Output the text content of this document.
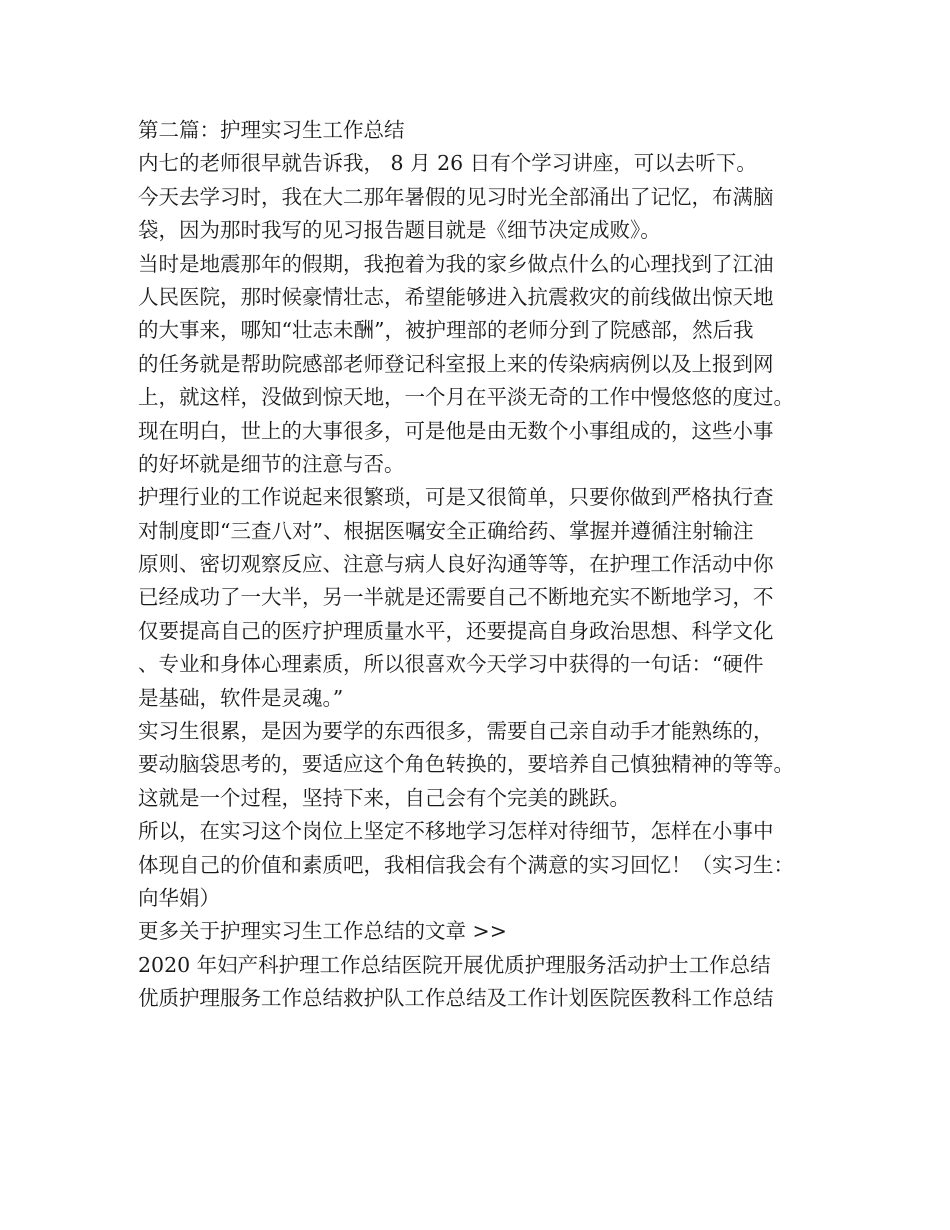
第二篇：护理实习生工作总结
内七的老师很早就告诉我， 8 月 26 日有个学习讲座，可以去听下。
今天去学习时，我在大二那年暑假的见习时光全部涌出了记忆，布满脑
袋，因为那时我写的见习报告题目就是《细节决定成败》。
当时是地震那年的假期，我抱着为我的家乡做点什么的心理找到了江油
人民医院，那时候豪情壮志，希望能够进入抗震救灾的前线做出惊天地
的大事来，哪知“壮志未酬”，被护理部的老师分到了院感部，然后我
的任务就是帮助院感部老师登记科室报上来的传染病病例以及上报到网
上，就这样，没做到惊天地，一个月在平淡无奇的工作中慢悠悠的度过。
现在明白，世上的大事很多，可是他是由无数个小事组成的，这些小事
的好坏就是细节的注意与否。
护理行业的工作说起来很繁琐，可是又很简单，只要你做到严格执行查
对制度即“三查八对”、根据医嘱安全正确给药、掌握并遵循注射输注
原则、密切观察反应、注意与病人良好沟通等等，在护理工作活动中你
已经成功了一大半，另一半就是还需要自己不断地充实不断地学习，不
仅要提高自己的医疗护理质量水平，还要提高自身政治思想、科学文化
、专业和身体心理素质，所以很喜欢今天学习中获得的一句话：“硬件
是基础，软件是灵魂。”
实习生很累，是因为要学的东西很多，需要自己亲自动手才能熟练的，
要动脑袋思考的，要适应这个角色转换的，要培养自己慎独精神的等等。
这就是一个过程，坚持下来，自己会有个完美的跳跃。
所以，在实习这个岗位上坚定不移地学习怎样对待细节，怎样在小事中
体现自己的价值和素质吧，我相信我会有个满意的实习回忆！（实习生：
向华娟）
更多关于护理实习生工作总结的文章 >>
2020 年妇产科护理工作总结医院开展优质护理服务活动护士工作总结
优质护理服务工作总结救护队工作总结及工作计划医院医教科工作总结
